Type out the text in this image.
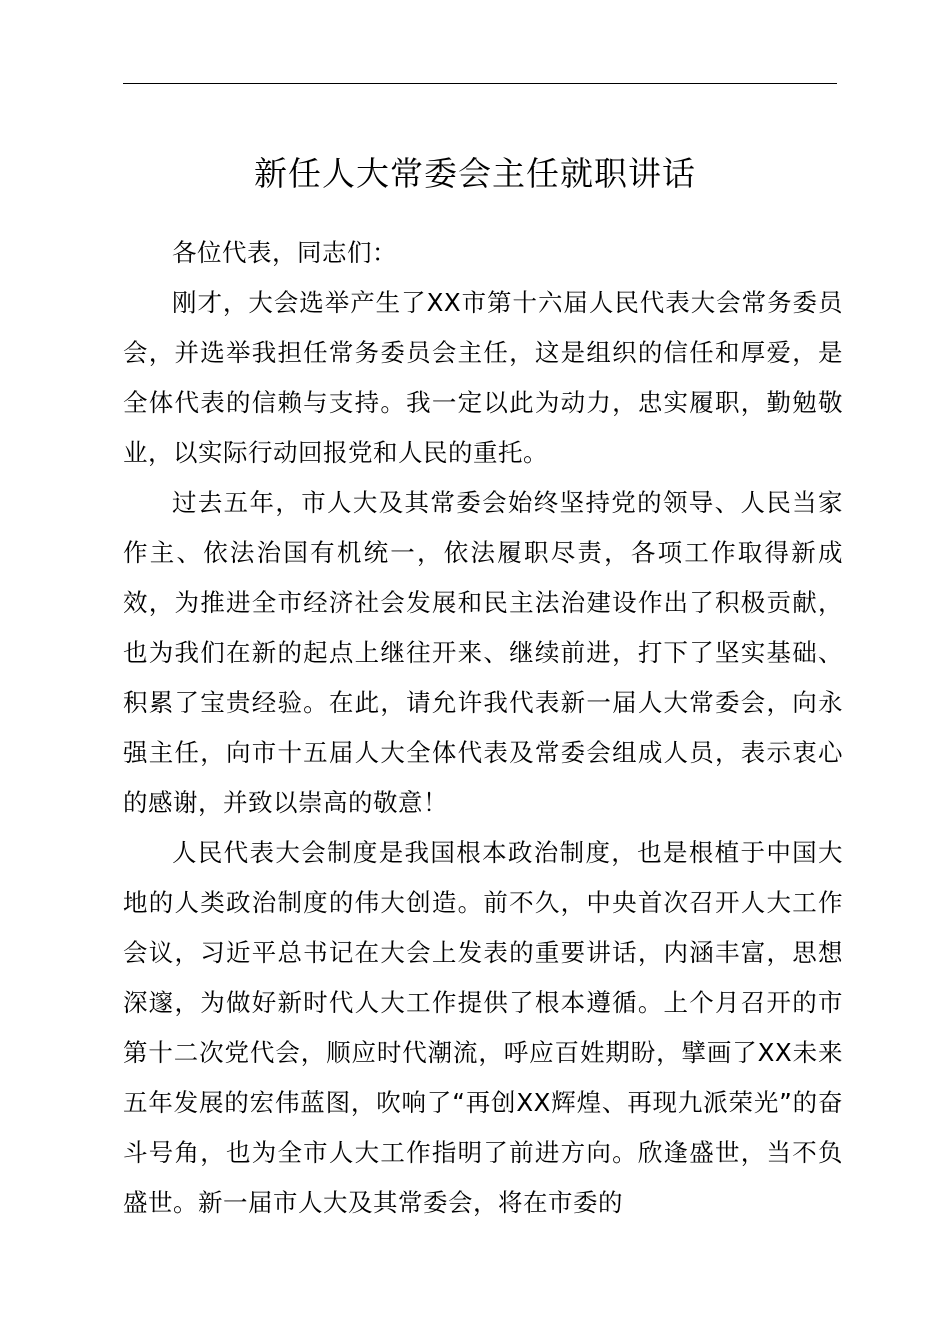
新任人大常委会主任就职讲话

各位代表，同志们：

刚才，大会选举产生了XX市第十六届人民代表大会常务委员会，并选举我担任常务委员会主任，这是组织的信任和厚爱，是全体代表的信赖与支持。我一定以此为动力，忠实履职，勤勉敬业，以实际行动回报党和人民的重托。

过去五年，市人大及其常委会始终坚持党的领导、人民当家作主、依法治国有机统一，依法履职尽责，各项工作取得新成效，为推进全市经济社会发展和民主法治建设作出了积极贡献，也为我们在新的起点上继往开来、继续前进，打下了坚实基础、积累了宝贵经验。在此，请允许我代表新一届人大常委会，向永强主任，向市十五届人大全体代表及常委会组成人员，表示衷心的感谢，并致以崇高的敬意！

人民代表大会制度是我国根本政治制度，也是根植于中国大地的人类政治制度的伟大创造。前不久，中央首次召开人大工作会议，习近平总书记在大会上发表的重要讲话，内涵丰富，思想深邃，为做好新时代人大工作提供了根本遵循。上个月召开的市第十二次党代会，顺应时代潮流，呼应百姓期盼，擘画了XX未来五年发展的宏伟蓝图，吹响了“再创XX辉煌、再现九派荣光”的奋斗号角，也为全市人大工作指明了前进方向。欣逢盛世，当不负盛世。新一届市人大及其常委会，将在市委的
